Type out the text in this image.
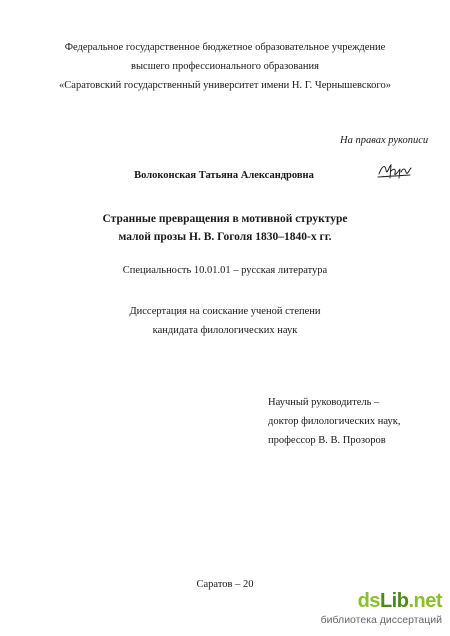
Федеральное государственное бюджетное образовательное учреждение
высшего профессионального образования
«Саратовский государственный университет имени Н. Г. Чернышевского»
На правах рукописи
Волоконская Татьяна Александровна
Странные превращения в мотивной структуре
малой прозы Н. В. Гоголя 1830–1840-х гг.
Специальность 10.01.01 – русская литература
Диссертация на соискание ученой степени
кандидата филологических наук
Научный руководитель –
доктор филологических наук,
профессор В. В. Прозоров
Саратов – 20
dsLib.net
библиотека диссертаций
